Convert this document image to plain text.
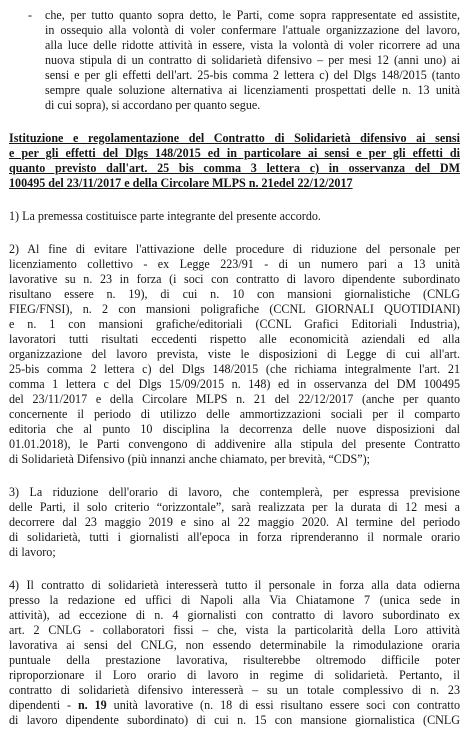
- che, per tutto quanto sopra detto, le Parti, come sopra rappresentate ed assistite,
in ossequio alla volontà di voler confermare l'attuale organizzazione del lavoro,
alla luce delle ridotte attività in essere, vista la volontà di voler ricorrere ad una
nuova stipula di un contratto di solidarietà difensivo – per mesi 12 (anni uno) ai
sensi e per gli effetti dell'art. 25-bis comma 2 lettera c) del Dlgs 148/2015 (tanto
sempre quale soluzione alternativa ai licenziamenti prospettati delle n. 13 unità
di cui sopra), si accordano per quanto segue.
Istituzione e regolamentazione del Contratto di Solidarietà difensivo ai sensi
e per gli effetti del Dlgs 148/2015 ed in particolare ai sensi e per gli effetti di
quanto previsto dall'art. 25 bis comma 3 lettera c) in osservanza del DM
100495 del 23/11/2017 e della Circolare MLPS n. 21edel 22/12/2017
1) La premessa costituisce parte integrante del presente accordo.
2) Al fine di evitare l'attivazione delle procedure di riduzione del personale per
licenziamento collettivo - ex Legge 223/91 - di un numero pari a 13 unità
lavorative su n. 23 in forza (i soci con contratto di lavoro dipendente subordinato
risultano essere n. 19), di cui n. 10 con mansioni giornalistiche (CNLG
FIEG/FNSI), n. 2 con mansioni poligrafiche (CCNL GIORNALI QUOTIDIANI)
e n. 1 con mansioni grafiche/editoriali (CCNL Grafici Editoriali Industria),
lavoratori tutti risultati eccedenti rispetto alle economicità aziendali ed alla
organizzazione del lavoro prevista, viste le disposizioni di Legge di cui all'art.
25-bis comma 2 lettera c) del Dlgs 148/2015 (che richiama integralmente l'art. 21
comma 1 lettera c del Dlgs 15/09/2015 n. 148) ed in osservanza del DM 100495
del 23/11/2017 e della Circolare MLPS n. 21 del 22/12/2017 (anche per quanto
concernente il periodo di utilizzo delle ammortizzazioni sociali per il comparto
editoria che al punto 10 disciplina la decorrenza delle nuove disposizioni dal
01.01.2018), le Parti convengono di addivenire alla stipula del presente Contratto
di Solidarietà Difensivo (più innanzi anche chiamato, per brevità, “CDS”);
3) La riduzione dell'orario di lavoro, che contemplerà, per espressa previsione
delle Parti, il solo criterio “orizzontale”, sarà realizzata per la durata di 12 mesi a
decorrere dal 23 maggio 2019 e sino al 22 maggio 2020. Al termine del periodo
di solidarietà, tutti i giornalisti all'epoca in forza riprenderanno il normale orario
di lavoro;
4) Il contratto di solidarietà interesserà tutto il personale in forza alla data odierna
presso la redazione ed uffici di Napoli alla Via Chiatamone 7 (unica sede in
attività), ad eccezione di n. 4 giornalisti con contratto di lavoro subordinato ex
art. 2 CNLG - collaboratori fissi – che, vista la particolarità della Loro attività
lavorativa ai sensi del CNLG, non essendo determinabile la rimodulazione oraria
puntuale della prestazione lavorativa, risulterebbe oltremodo difficile poter
riproporzionare il Loro orario di lavoro in regime di solidarietà. Pertanto, il
contratto di solidarietà difensivo interesserà – su un totale complessivo di n. 23
dipendenti - n. 19 unità lavorative (n. 18 di essi risultano essere soci con contratto
di lavoro dipendente subordinato) di cui n. 15 con mansione giornalistica (CNLG
